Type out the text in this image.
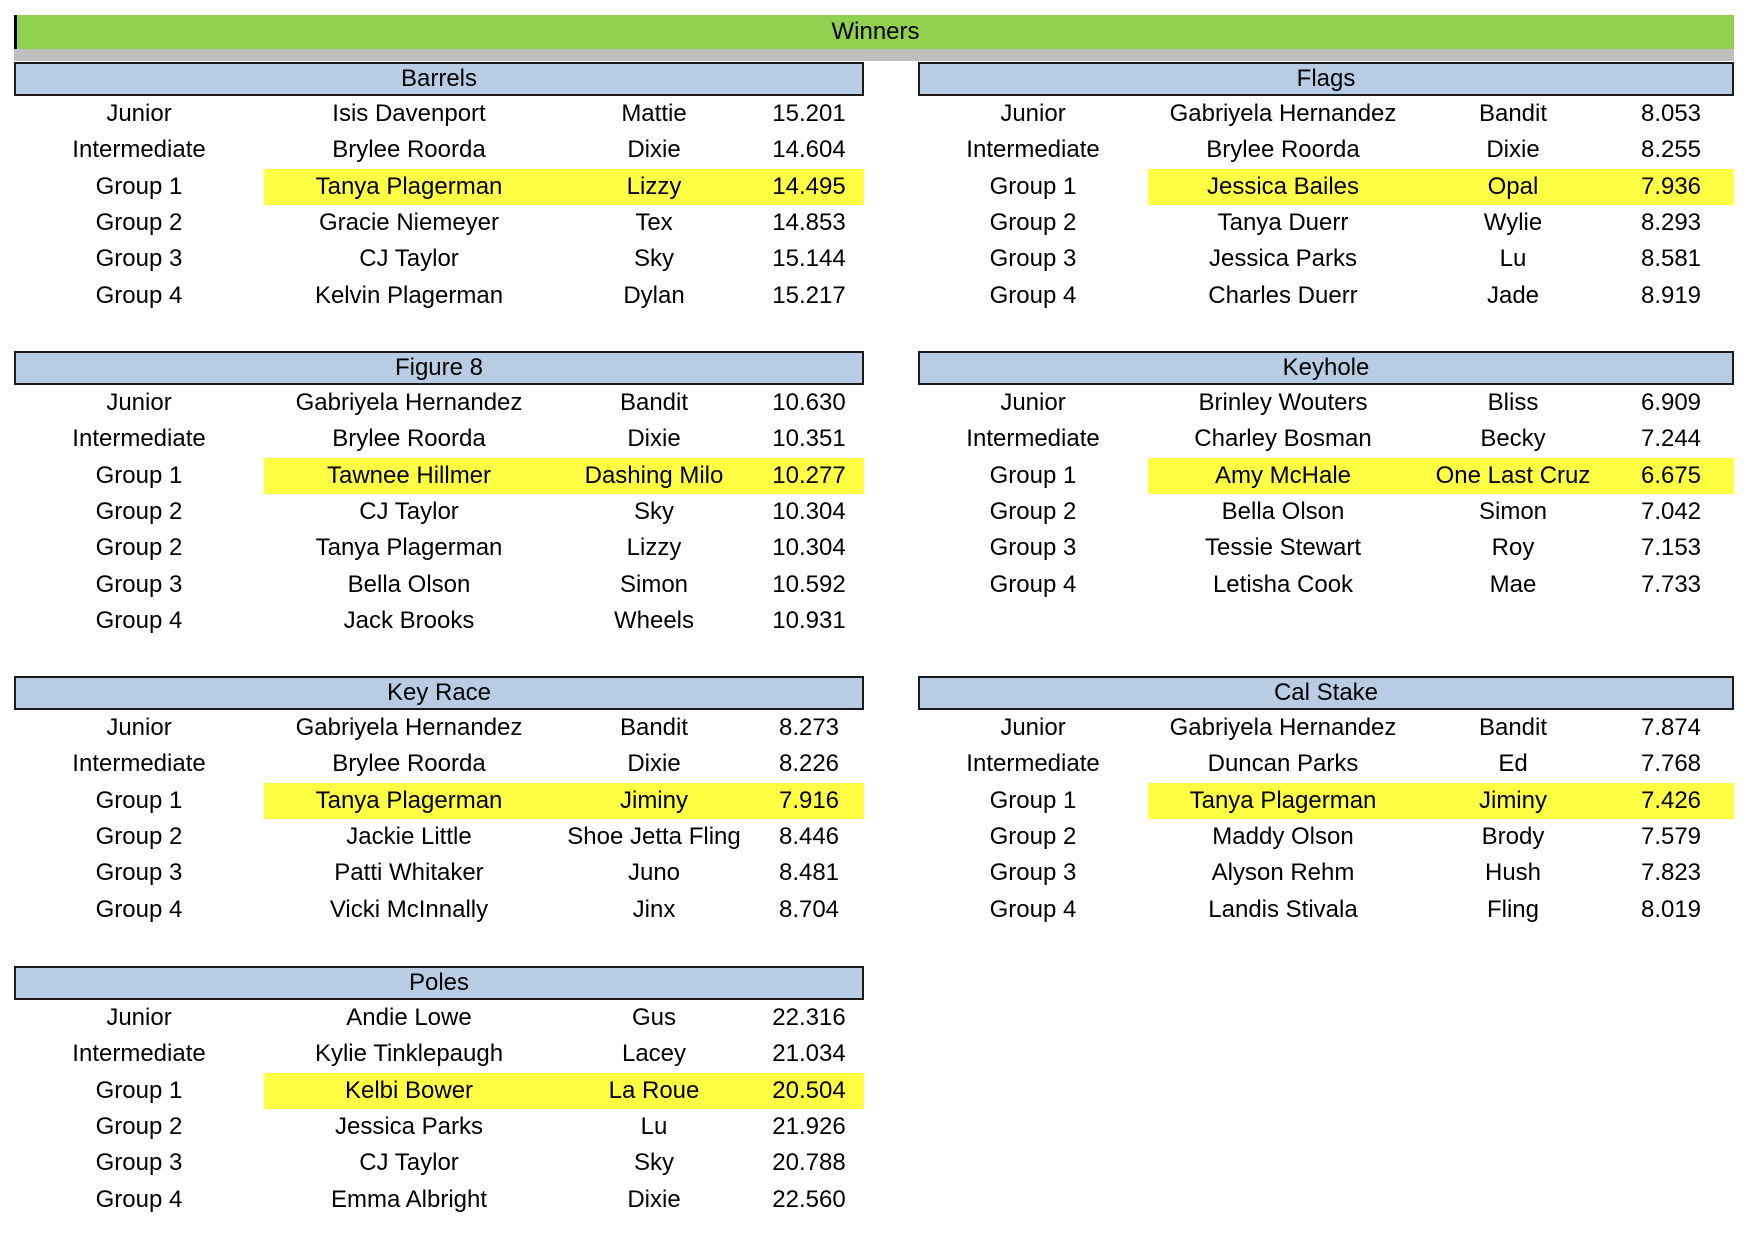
Winners
Barrels
Junior	Isis Davenport	Mattie	15.201
Intermediate	Brylee Roorda	Dixie	14.604
Group 1	Tanya Plagerman	Lizzy	14.495
Group 2	Gracie Niemeyer	Tex	14.853
Group 3	CJ Taylor	Sky	15.144
Group 4	Kelvin Plagerman	Dylan	15.217
Flags
Junior	Gabriyela Hernandez	Bandit	8.053
Intermediate	Brylee Roorda	Dixie	8.255
Group 1	Jessica Bailes	Opal	7.936
Group 2	Tanya Duerr	Wylie	8.293
Group 3	Jessica Parks	Lu	8.581
Group 4	Charles Duerr	Jade	8.919
Figure 8
Junior	Gabriyela Hernandez	Bandit	10.630
Intermediate	Brylee Roorda	Dixie	10.351
Group 1	Tawnee Hillmer	Dashing Milo	10.277
Group 2	CJ Taylor	Sky	10.304
Group 2	Tanya Plagerman	Lizzy	10.304
Group 3	Bella Olson	Simon	10.592
Group 4	Jack Brooks	Wheels	10.931
Keyhole
Junior	Brinley Wouters	Bliss	6.909
Intermediate	Charley Bosman	Becky	7.244
Group 1	Amy McHale	One Last Cruz	6.675
Group 2	Bella Olson	Simon	7.042
Group 3	Tessie Stewart	Roy	7.153
Group 4	Letisha Cook	Mae	7.733
Key Race
Junior	Gabriyela Hernandez	Bandit	8.273
Intermediate	Brylee Roorda	Dixie	8.226
Group 1	Tanya Plagerman	Jiminy	7.916
Group 2	Jackie Little	Shoe Jetta Fling	8.446
Group 3	Patti Whitaker	Juno	8.481
Group 4	Vicki McInnally	Jinx	8.704
Cal Stake
Junior	Gabriyela Hernandez	Bandit	7.874
Intermediate	Duncan Parks	Ed	7.768
Group 1	Tanya Plagerman	Jiminy	7.426
Group 2	Maddy Olson	Brody	7.579
Group 3	Alyson Rehm	Hush	7.823
Group 4	Landis Stivala	Fling	8.019
Poles
Junior	Andie Lowe	Gus	22.316
Intermediate	Kylie Tinklepaugh	Lacey	21.034
Group 1	Kelbi Bower	La Roue	20.504
Group 2	Jessica Parks	Lu	21.926
Group 3	CJ Taylor	Sky	20.788
Group 4	Emma Albright	Dixie	22.560
